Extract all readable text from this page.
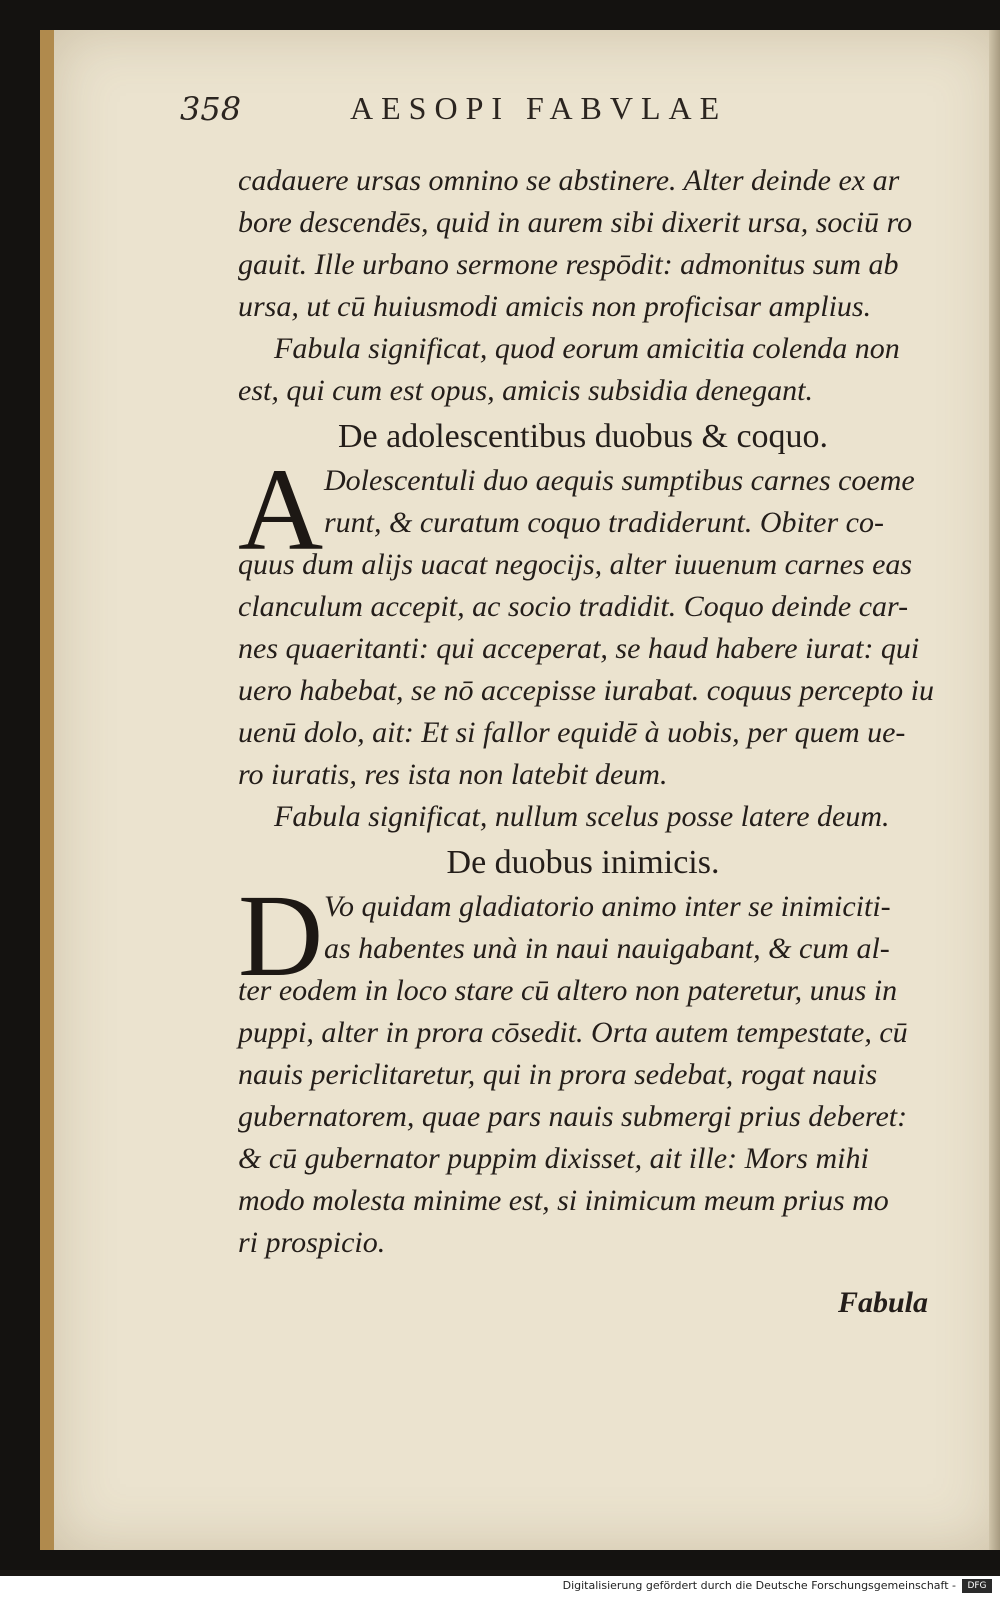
358	AESOPI FABVLAE
cadauere ursas omnino se abstinere. Alter deinde ex ar
bore descendēs, quid in aurem sibi dixerit ursa, sociū ro
gauit. Ille urbano sermone respōdit: admonitus sum ab
ursa, ut cū huiusmodi amicis non proficisar amplius.
Fabula significat, quod eorum amicitia colenda non
est, qui cum est opus, amicis subsidia denegant.
De adolescentibus duobus & coquo.
A Dolescentuli duo aequis sumptibus carnes coeme
runt, & curatum coquo tradiderunt. Obiter co-
quus dum alijs uacat negocijs, alter iuuenum carnes eas
clanculum accepit, ac socio tradidit. Coquo deinde car-
nes quaeritanti: qui acceperat, se haud habere iurat: qui
uero habebat, se nō accepisse iurabat. coquus percepto iu
uenū dolo, ait: Et si fallor equidē à uobis, per quem ue-
ro iuratis, res ista non latebit deum.
Fabula significat, nullum scelus posse latere deum.
De duobus inimicis.
D Vo quidam gladiatorio animo inter se inimiciti-
as habentes unà in naui nauigabant, & cum al-
ter eodem in loco stare cū altero non pateretur, unus in
puppi, alter in prora cōsedit. Orta autem tempestate, cū
nauis periclitaretur, qui in prora sedebat, rogat nauis
gubernatorem, quae pars nauis submergi prius deberet:
& cū gubernator puppim dixisset, ait ille: Mors mihi
modo molesta minime est, si inimicum meum prius mo
ri prospicio.
Fabula
Digitalisierung gefördert durch die Deutsche Forschungsgemeinschaft -	DFG
